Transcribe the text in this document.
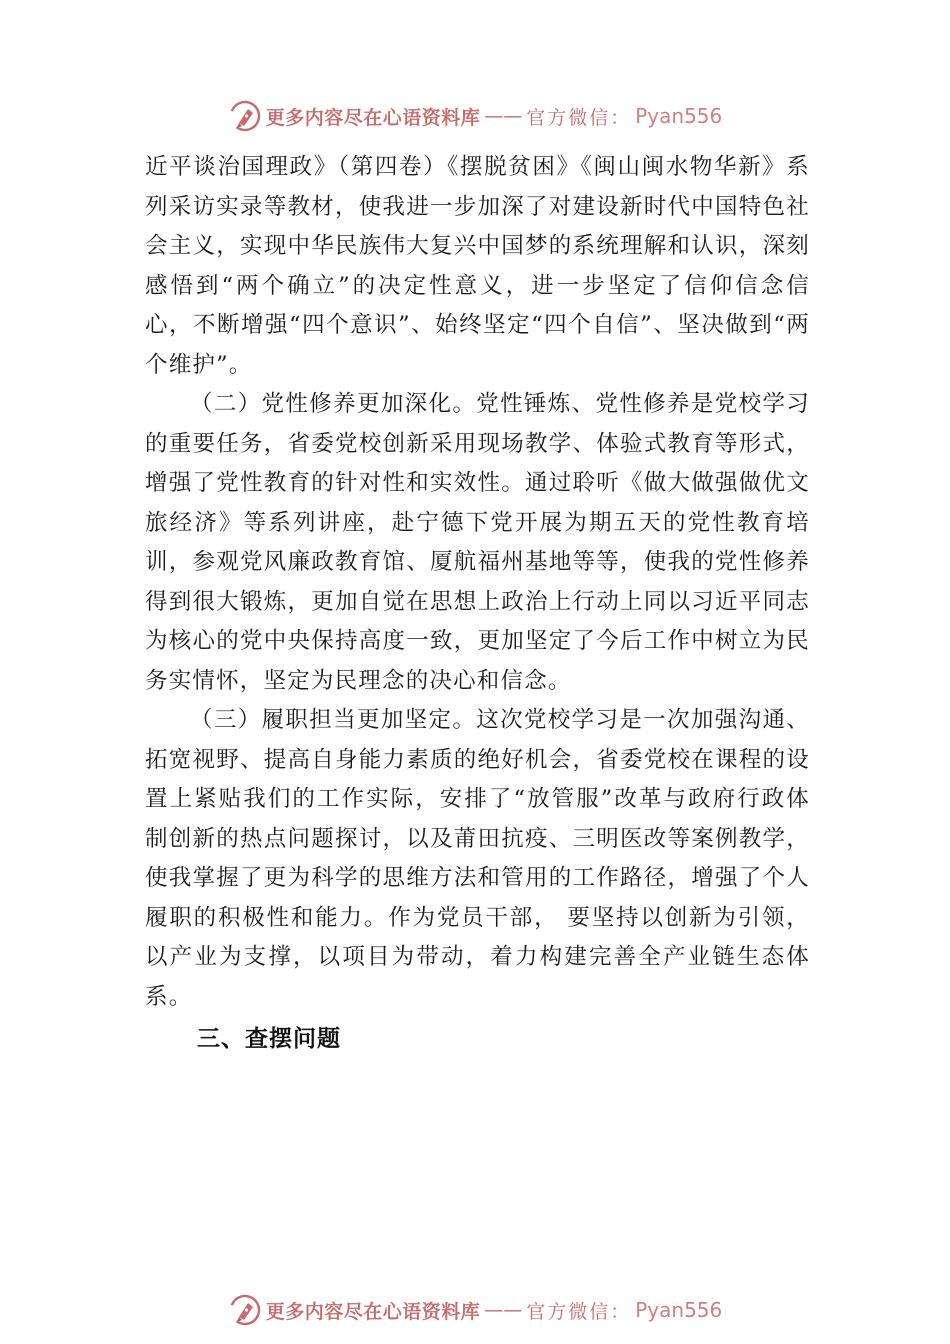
更多内容尽在心语资料库 —— 官方微信： Pyan556

近平谈治国理政》（第四卷）《摆脱贫困》《闽山闽水物华新》系列采访实录等教材，使我进一步加深了对建设新时代中国特色社会主义，实现中华民族伟大复兴中国梦的系统理解和认识，深刻感悟到“两个确立”的决定性意义，进一步坚定了信仰信念信心，不断增强“四个意识”、始终坚定“四个自信”、坚决做到“两个维护”。

（二）党性修养更加深化。党性锤炼、党性修养是党校学习的重要任务，省委党校创新采用现场教学、体验式教育等形式，增强了党性教育的针对性和实效性。通过聆听《做大做强做优文旅经济》等系列讲座，赴宁德下党开展为期五天的党性教育培训，参观党风廉政教育馆、厦航福州基地等等，使我的党性修养得到很大锻炼，更加自觉在思想上政治上行动上同以习近平同志为核心的党中央保持高度一致，更加坚定了今后工作中树立为民务实情怀，坚定为民理念的决心和信念。

（三）履职担当更加坚定。这次党校学习是一次加强沟通、拓宽视野、提高自身能力素质的绝好机会，省委党校在课程的设置上紧贴我们的工作实际，安排了“放管服”改革与政府行政体制创新的热点问题探讨，以及莆田抗疫、三明医改等案例教学，使我掌握了更为科学的思维方法和管用的工作路径，增强了个人履职的积极性和能力。作为党员干部， 要坚持以创新为引领，以产业为支撑，以项目为带动，着力构建完善全产业链生态体系。

三、查摆问题
更多内容尽在心语资料库 —— 官方微信： Pyan556
